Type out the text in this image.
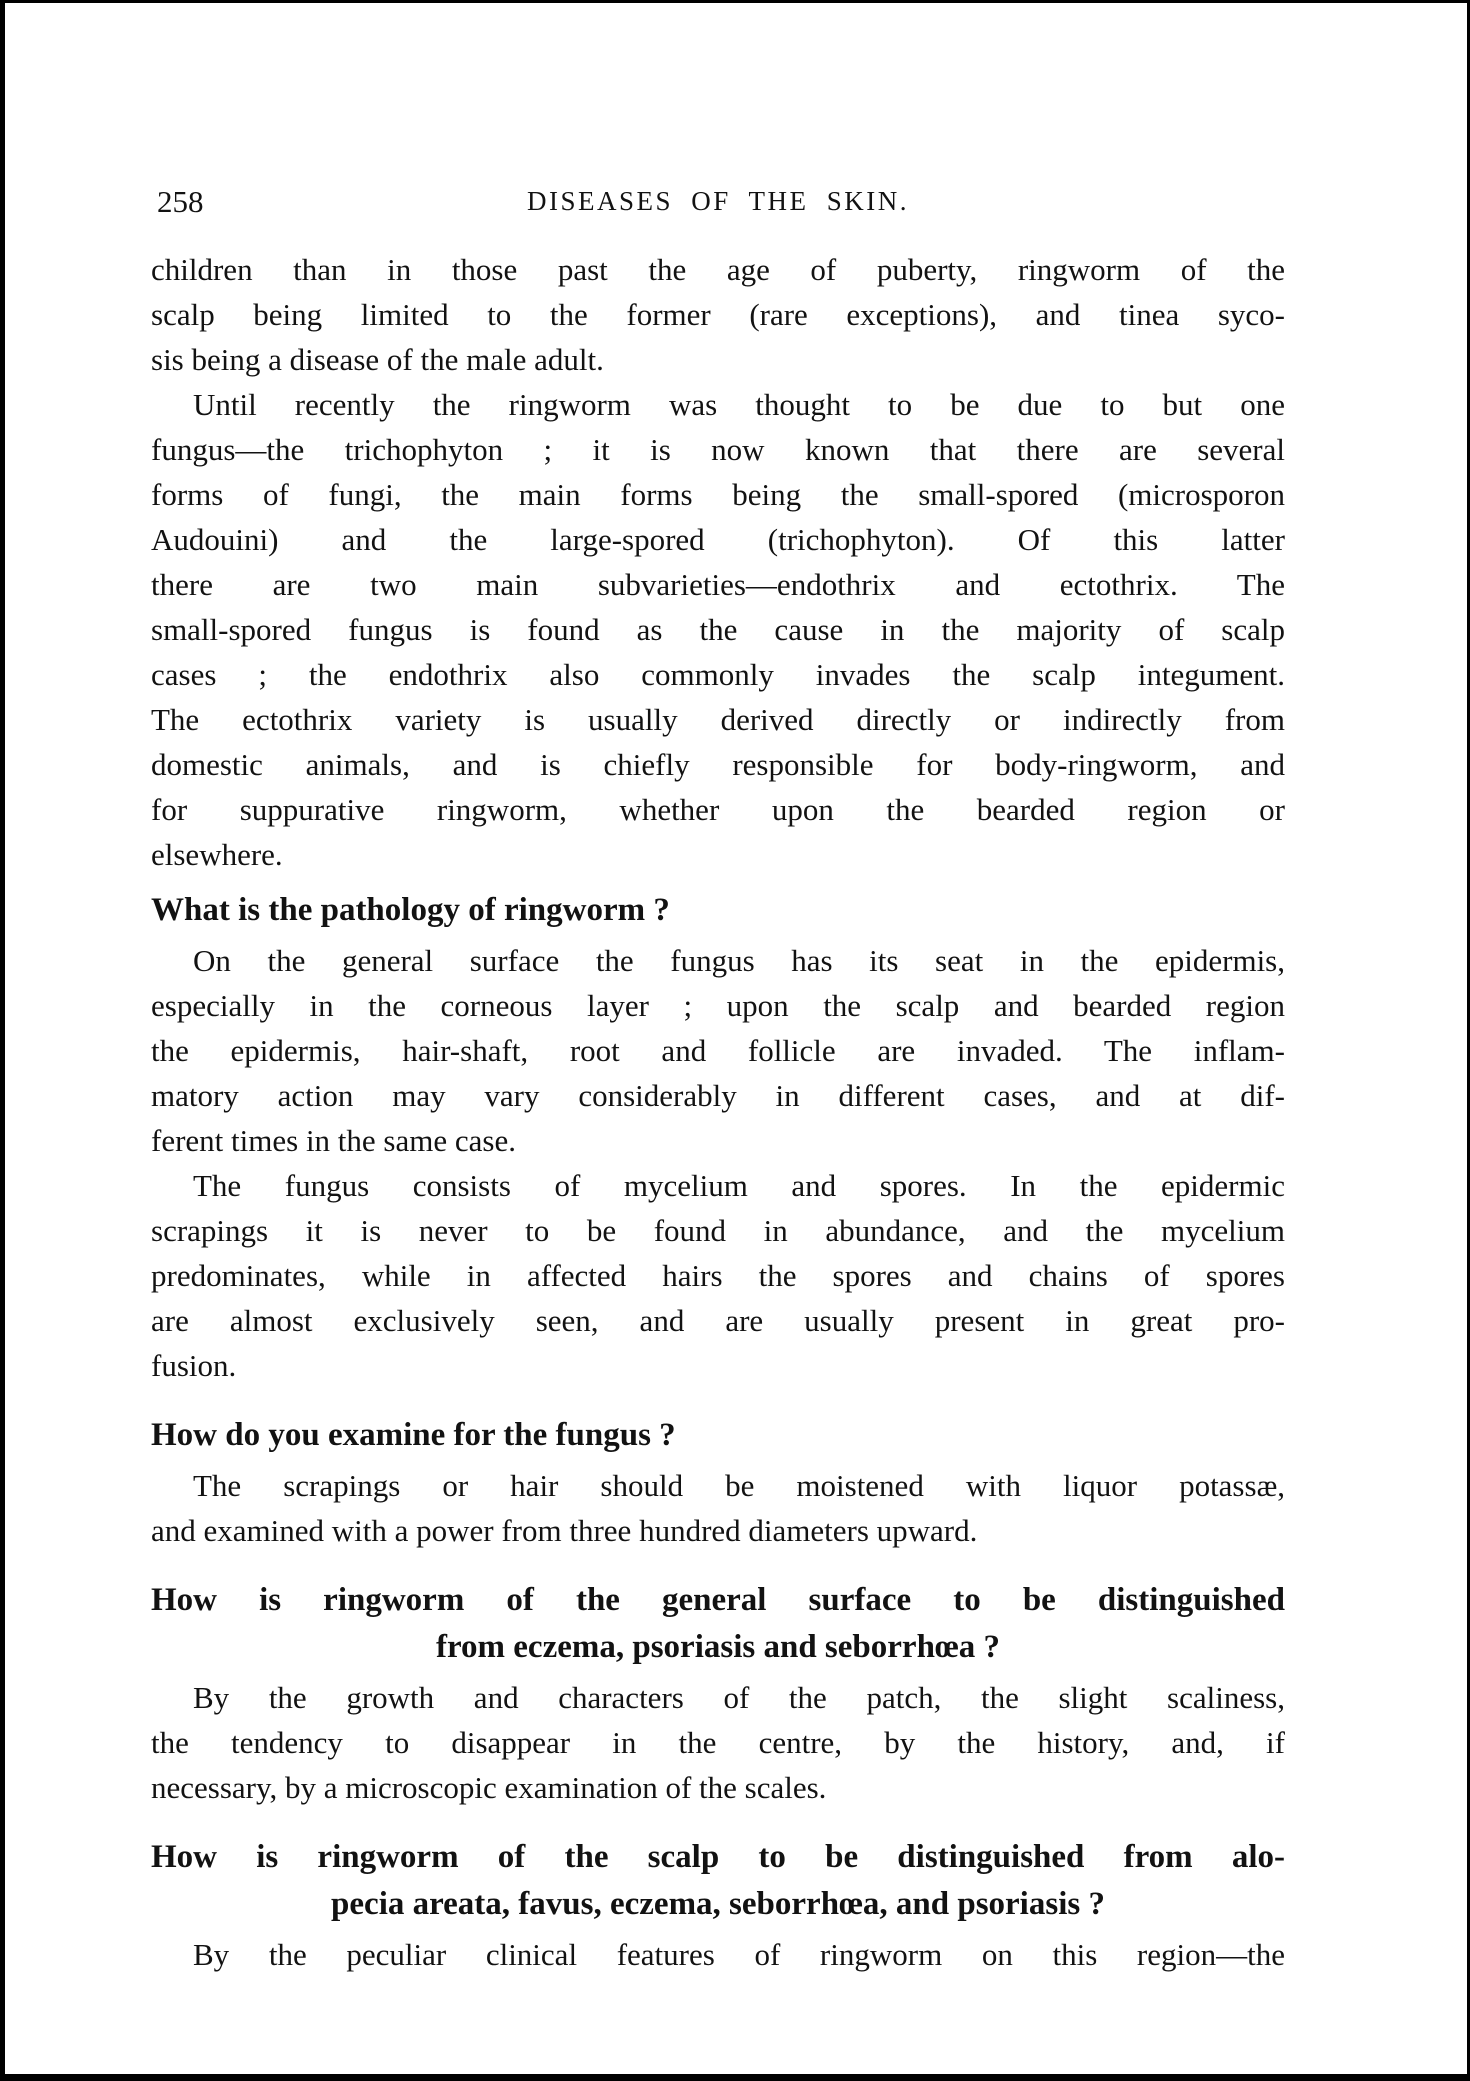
258	DISEASES OF THE SKIN.
children than in those past the age of puberty, ringworm of the
scalp being limited to the former (rare exceptions), and tinea syco-
sis being a disease of the male adult.
Until recently the ringworm was thought to be due to but one
fungus—the trichophyton ; it is now known that there are several
forms of fungi, the main forms being the small-spored (microsporon
Audouini) and the large-spored (trichophyton). Of this latter
there are two main subvarieties—endothrix and ectothrix. The
small-spored fungus is found as the cause in the majority of scalp
cases ; the endothrix also commonly invades the scalp integument.
The ectothrix variety is usually derived directly or indirectly from
domestic animals, and is chiefly responsible for body-ringworm, and
for suppurative ringworm, whether upon the bearded region or
elsewhere.
What is the pathology of ringworm ?
On the general surface the fungus has its seat in the epidermis,
especially in the corneous layer ; upon the scalp and bearded region
the epidermis, hair-shaft, root and follicle are invaded. The inflam-
matory action may vary considerably in different cases, and at dif-
ferent times in the same case.
The fungus consists of mycelium and spores. In the epidermic
scrapings it is never to be found in abundance, and the mycelium
predominates, while in affected hairs the spores and chains of spores
are almost exclusively seen, and are usually present in great pro-
fusion.
How do you examine for the fungus ?
The scrapings or hair should be moistened with liquor potassæ,
and examined with a power from three hundred diameters upward.
How is ringworm of the general surface to be distinguished
from eczema, psoriasis and seborrhœa ?
By the growth and characters of the patch, the slight scaliness,
the tendency to disappear in the centre, by the history, and, if
necessary, by a microscopic examination of the scales.
How is ringworm of the scalp to be distinguished from alo-
pecia areata, favus, eczema, seborrhœa, and psoriasis ?
By the peculiar clinical features of ringworm on this region—the
